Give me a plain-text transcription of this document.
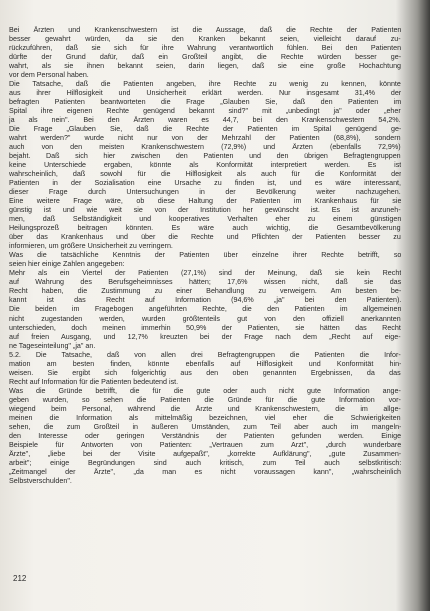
Bei Ärzten und Krankenschwestern ist die Aussage, daß die Rechte der Patienten
besser gewahrt würden, da sie den Kranken bekannt seien, vielleicht darauf zu-
rückzuführen, daß sie sich für ihre Wahrung verantwortlich fühlen. Bei den Patienten
dürfte der Grund dafür, daß ein Großteil angibt, die Rechte würden besser ge-
wahrt, als sie ihnen bekannt seien, darin liegen, daß sie eine große Hochachtung
vor dem Personal haben.
Die Tatsache, daß die Patienten angeben, ihre Rechte zu wenig zu kennen, könnte
aus ihrer Hilflosigkeit und Unsicherheit erklärt werden. Nur insgesamt 31,4% der
befragten Patienten beantworteten die Frage „Glauben Sie, daß den Patienten im
Spital ihre eigenen Rechte genügend bekannt sind?" mit „unbedingt ja" oder „eher
ja als nein". Bei den Ärzten waren es 44,7, bei den Krankenschwestern 54,2%.
Die Frage „Glauben Sie, daß die Rechte der Patienten im Spital genügend ge-
wahrt werden?" wurde nicht nur von der Mehrzahl der Patienten (68,8%), sondern
auch von den meisten Krankenschwestern (72,9%) und Ärzten (ebenfalls 72,9%)
bejaht. Daß sich hier zwischen den Patienten und den übrigen Befragtengruppen
keine Unterschiede ergaben, könnte als Konformität interpretiert werden. Es ist
wahrscheinlich, daß sowohl für die Hilflosigkeit als auch für die Konformität der
Patienten in der Sozialisation eine Ursache zu finden ist, und es wäre interessant,
dieser Frage durch Untersuchungen in der Bevölkerung weiter nachzugehen.
Eine weitere Frage wäre, ob diese Haltung der Patienten im Krankenhaus für sie
günstig ist und wie weit sie von der Institution her gewünscht ist. Es ist anzuneh-
men, daß Selbständigkeit und kooperatives Verhalten eher zu einem günstigen
Heilungsprozeß beitragen könnten. Es wäre auch wichtig, die Gesamtbevölkerung
über das Krankenhaus und über die Rechte und Pflichten der Patienten besser zu
informieren, um größere Unsicherheit zu verringern.
Was die tatsächliche Kenntnis der Patienten über einzelne ihrer Rechte betrifft, so
seien hier einige Zahlen angegeben:
Mehr als ein Viertel der Patienten (27,1%) sind der Meinung, daß sie kein Recht
auf Wahrung des Berufsgeheimnisses hätten; 17,6% wissen nicht, daß sie das
Recht haben, die Zustimmung zu einer Behandlung zu verweigern. Am besten be-
kannt ist das Recht auf Information (94,6% „ja" bei den Patienten).
Die beiden im Fragebogen angeführten Rechte, die den Patienten im allgemeinen
nicht zugestanden werden, wurden größtenteils gut von den offiziell anerkannten
unterschieden, doch meinen immerhin 50,9% der Patienten, sie hätten das Recht
auf freien Ausgang, und 12,7% kreuzten bei der Frage nach dem „Recht auf eige-
ne Tageseinteilung" „ja" an.
5.2. Die Tatsache, daß von allen drei Befragtengruppen die Patienten die Infor-
mation am besten finden, könnte ebenfalls auf Hilflosigkeit und Konformität hin-
weisen. Sie ergibt sich folgerichtig aus den oben genannten Ergebnissen, da das
Recht auf Information für die Patienten bedeutend ist.
Was die Gründe betrifft, die für die gute oder auch nicht gute Information ange-
geben wurden, so sehen die Patienten die Gründe für die gute Information vor-
wiegend beim Personal, während die Ärzte und Krankenschwestern, die im allge-
meinen die Information als mittelmäßig bezeichnen, viel eher die Schwierigkeiten
sehen, die zum Großteil in äußeren Umständen, zum Teil aber auch im mangeln-
den Interesse oder geringen Verständnis der Patienten gefunden werden. Einige
Beispiele für Antworten von Patienten: „Vertrauen zum Arzt", „durch wunderbare
Ärzte", „liebe bei der Visite aufgepaßt", „korrekte Aufklärung", „gute Zusammen-
arbeit"; einige Begründungen sind auch kritisch, zum Teil auch selbstkritisch:
„Zeitmangel der Ärzte", „da man es nicht voraussagen kann", „wahrscheinlich
Selbstverschulden".
212
